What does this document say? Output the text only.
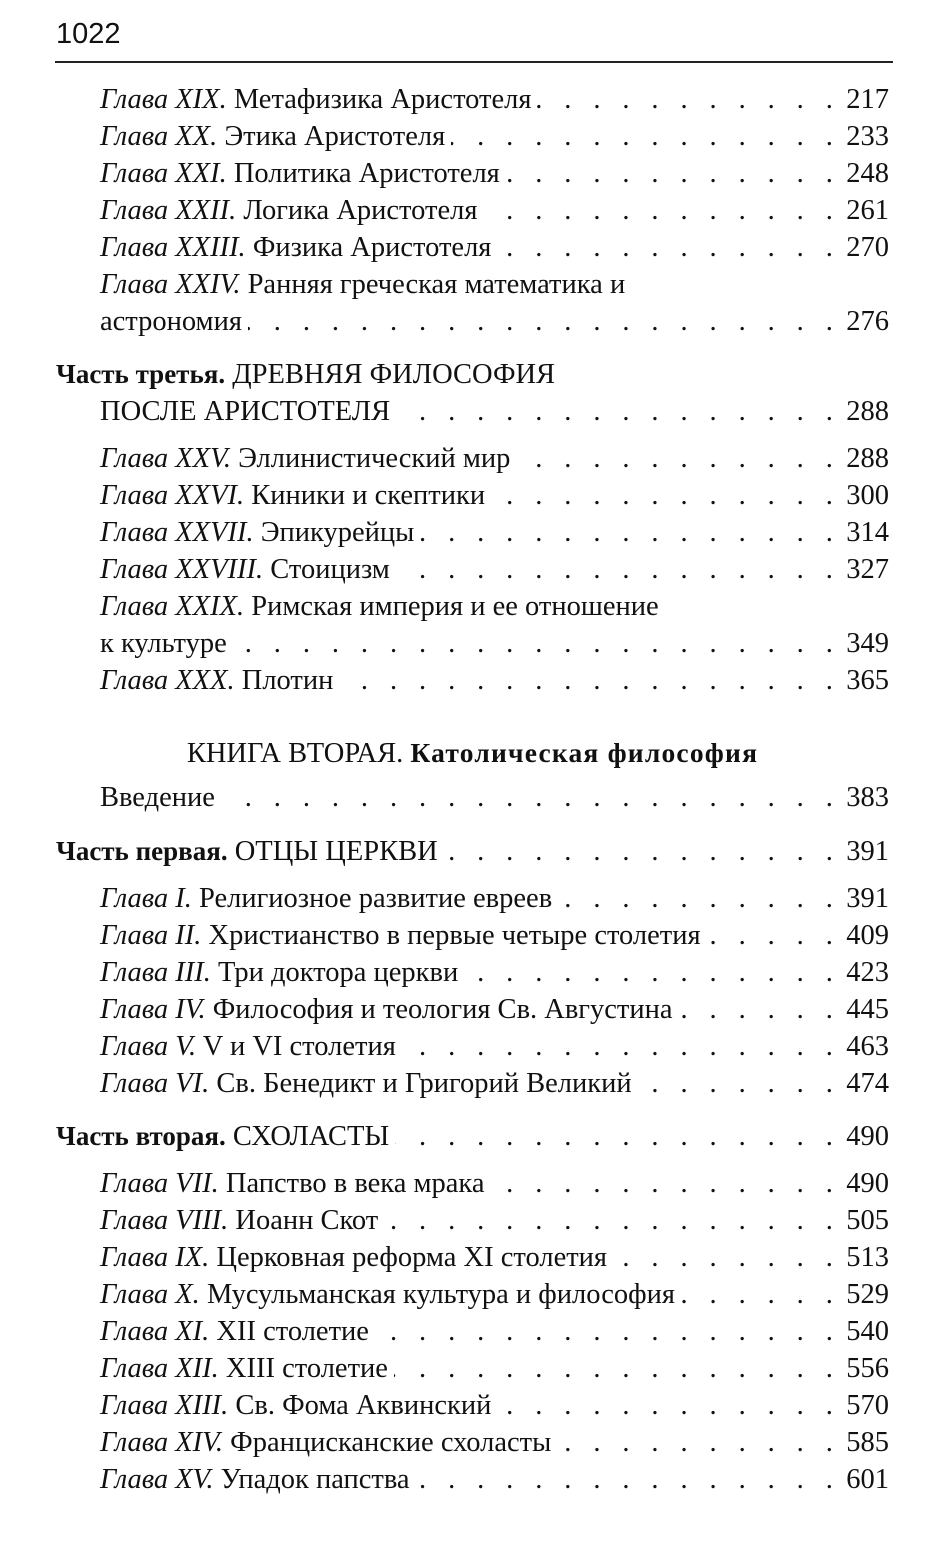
1022
Глава XIX. Метафизика Аристотеля . . .	217
Глава XX. Этика Аристотеля . . .	233
Глава XXI. Политика Аристотеля . . .	248
Глава XXII. Логика Аристотеля . . .	261
Глава XXIII. Физика Аристотеля . . .	270
Глава XXIV. Ранняя греческая математика и
астрономия . . .	276
Часть третья. ДРЕВНЯЯ ФИЛОСОФИЯ
ПОСЛЕ АРИСТОТЕЛЯ . . .	288
Глава XXV. Эллинистический мир . . .	288
Глава XXVI. Киники и скептики . . .	300
Глава XXVII. Эпикурейцы . . .	314
Глава XXVIII. Стоицизм . . .	327
Глава XXIX. Римская империя и ее отношение
к культуре . . .	349
Глава XXX. Плотин . . .	365
КНИГА ВТОРАЯ. Католическая философия
Введение . . .	383
Часть первая. ОТЦЫ ЦЕРКВИ . . .	391
Глава I. Религиозное развитие евреев . . .	391
Глава II. Христианство в первые четыре столетия . . .	409
Глава III. Три доктора церкви . . .	423
Глава IV. Философия и теология Св. Августина . . .	445
Глава V. V и VI столетия . . .	463
Глава VI. Св. Бенедикт и Григорий Великий . . .	474
Часть вторая. СХОЛАСТЫ . . .	490
Глава VII. Папство в века мрака . . .	490
Глава VIII. Иоанн Скот . . .	505
Глава IX. Церковная реформа XI столетия . . .	513
Глава X. Мусульманская культура и философия . . .	529
Глава XI. XII столетие . . .	540
Глава XII. XIII столетие . . .	556
Глава XIII. Св. Фома Аквинский . . .	570
Глава XIV. Францисканские схоласты . . .	585
Глава XV. Упадок папства . . .	601
